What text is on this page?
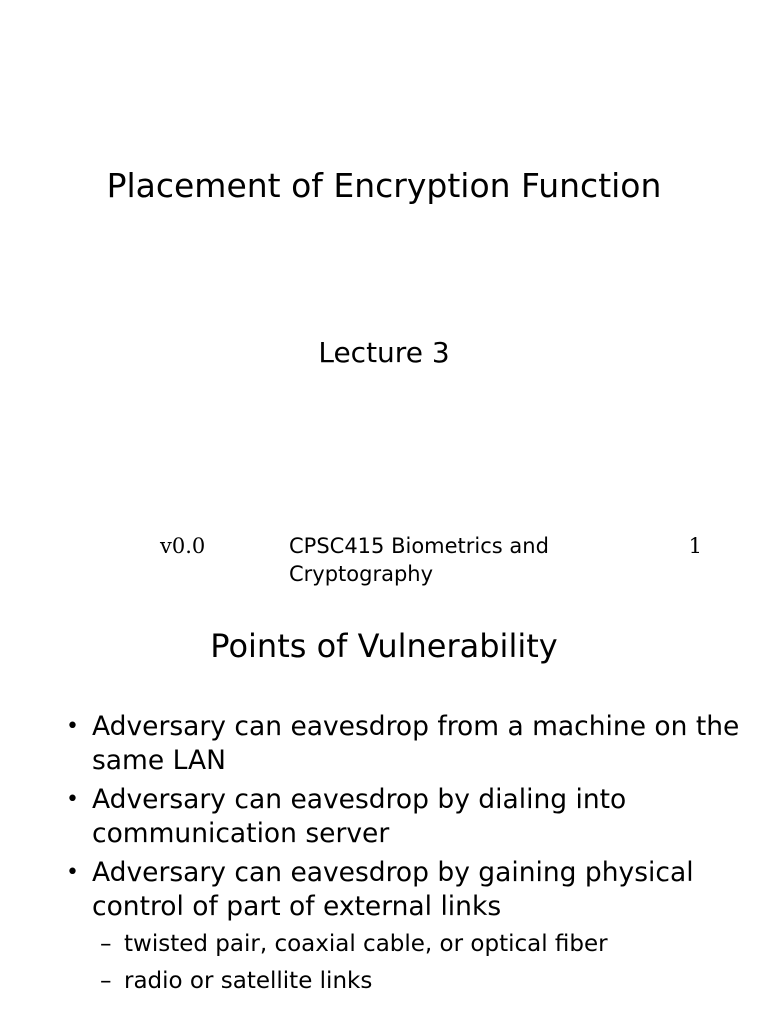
Placement of Encryption Function
Lecture 3
v0.0	CPSC415 Biometrics and Cryptography
1
Points of Vulnerability
• Adversary can eavesdrop from a machine on the same LAN
• Adversary can eavesdrop by dialing into communication server
• Adversary can eavesdrop by gaining physical control of part of external links
– twisted pair, coaxial cable, or optical fiber
– radio or satellite links
